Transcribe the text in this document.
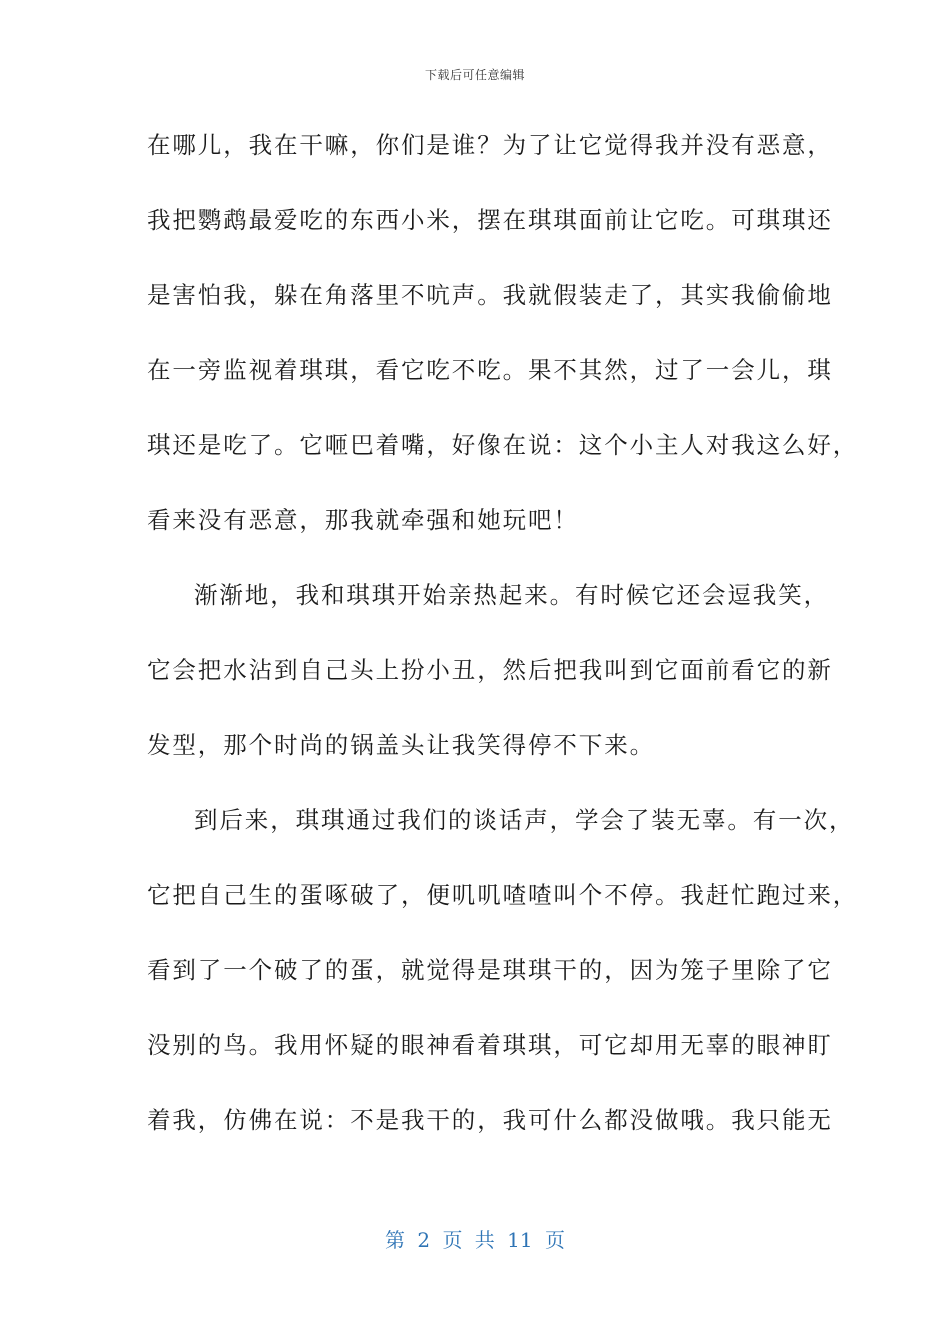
下载后可任意编辑
在哪儿，我在干嘛，你们是谁？为了让它觉得我并没有恶意，
我把鹦鹉最爱吃的东西小米，摆在琪琪面前让它吃。可琪琪还
是害怕我，躲在角落里不吭声。我就假装走了，其实我偷偷地
在一旁监视着琪琪，看它吃不吃。果不其然，过了一会儿，琪
琪还是吃了。它咂巴着嘴，好像在说：这个小主人对我这么好，
看来没有恶意，那我就牵强和她玩吧！
渐渐地，我和琪琪开始亲热起来。有时候它还会逗我笑，
它会把水沾到自己头上扮小丑，然后把我叫到它面前看它的新
发型，那个时尚的锅盖头让我笑得停不下来。
到后来，琪琪通过我们的谈话声，学会了装无辜。有一次，
它把自己生的蛋啄破了，便叽叽喳喳叫个不停。我赶忙跑过来，
看到了一个破了的蛋，就觉得是琪琪干的，因为笼子里除了它
没别的鸟。我用怀疑的眼神看着琪琪，可它却用无辜的眼神盯
着我，仿佛在说：不是我干的，我可什么都没做哦。我只能无
第 2 页 共 11 页
